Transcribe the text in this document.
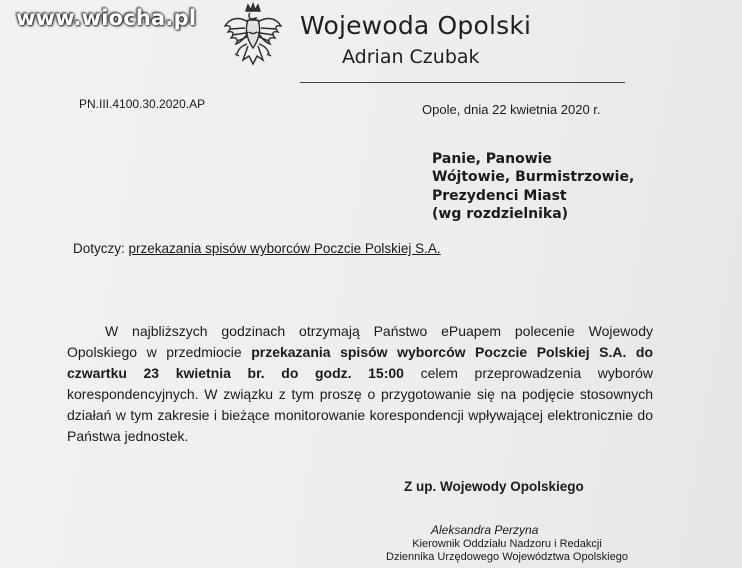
www.wiocha.pl	Wojewoda Opolski
Adrian Czubak
PN.III.4100.30.2020.AP	Opole, dnia 22 kwietnia 2020 r.
Panie, Panowie
Wójtowie, Burmistrzowie,
Prezydenci Miast
(wg rozdzielnika)
Dotyczy: przekazania spisów wyborców Poczcie Polskiej S.A.
W najbliższych godzinach otrzymają Państwo ePuapem polecenie Wojewody Opolskiego w przedmiocie przekazania spisów wyborców Poczcie Polskiej S.A. do czwartku 23 kwietnia br. do godz. 15:00 celem przeprowadzenia wyborów korespondencyjnych. W związku z tym proszę o przygotowanie się na podjęcie stosownych działań w tym zakresie i bieżące monitorowanie korespondencji wpływającej elektronicznie do Państwa jednostek.
Z up. Wojewody Opolskiego
Aleksandra Perzyna
Kierownik Oddziału Nadzoru i Redakcji
Dziennika Urzędowego Województwa Opolskiego
